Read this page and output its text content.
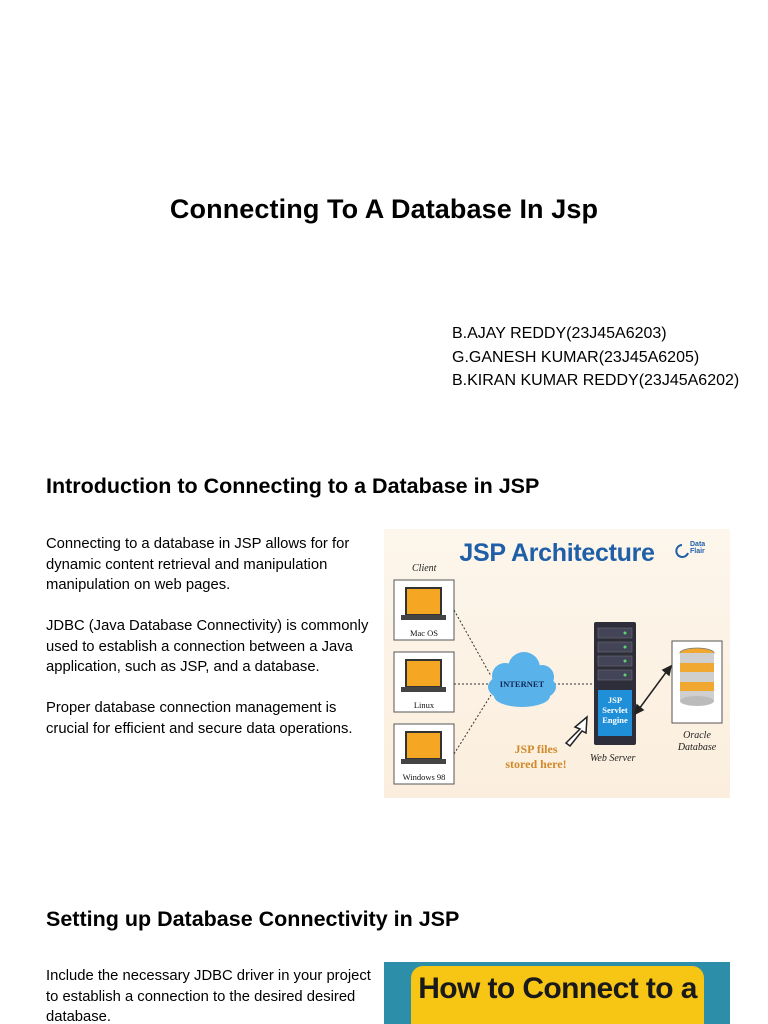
Connecting To A Database In Jsp
B.AJAY REDDY(23J45A6203)
G.GANESH KUMAR(23J45A6205)
B.KIRAN KUMAR REDDY(23J45A6202)
Introduction to Connecting to a Database in JSP

Connecting to a database in JSP allows for for dynamic content retrieval and manipulation manipulation on web pages.

JDBC (Java Database Connectivity) is commonly used to establish a connection between a Java application, such as JSP, and a database.

Proper database connection management is crucial for efficient and secure data operations.

JSP Architecture	Data
Flair
Client
Mac OS
Linux
Windows 98
INTERNET
JSP
Servlet
Engine
Web Server
Oracle
Database
JSP files
stored here!
Setting up Database Connectivity in JSP

Include the necessary JDBC driver in your project to establish a connection to the desired desired database.

How to Connect to a
